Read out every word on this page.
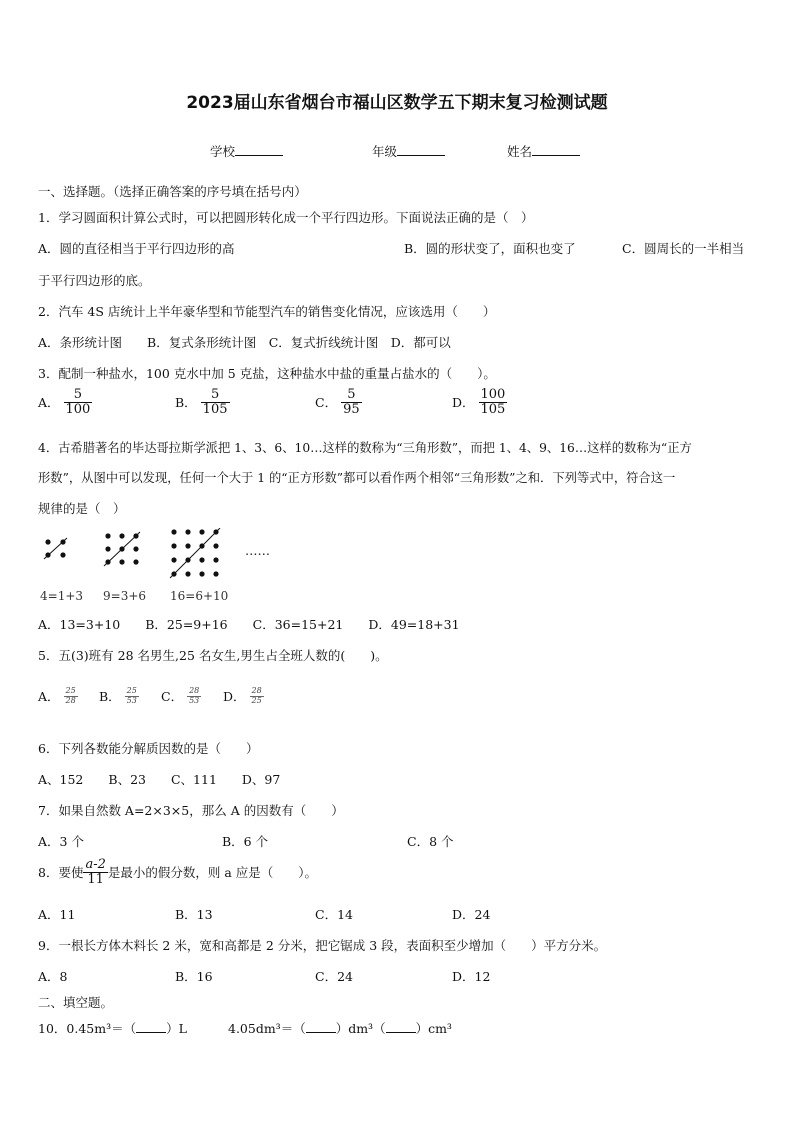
2023届山东省烟台市福山区数学五下期末复习检测试题
学校	年级	姓名
一、选择题。（选择正确答案的序号填在括号内）
1．学习圆面积计算公式时，可以把圆形转化成一个平行四边形。下面说法正确的是（　）
A．圆的直径相当于平行四边形的高	B．圆的形状变了，面积也变了	C．圆周长的一半相当
于平行四边形的底。
2．汽车 4S 店统计上半年豪华型和节能型汽车的销售变化情况，应该选用（　　）
A．条形统计图　　B．复式条形统计图　C．复式折线统计图　D．都可以
3．配制一种盐水，100 克水中加 5 克盐，这种盐水中盐的重量占盐水的（　　）。
A． $\frac{5}{100}$	B． $\frac{5}{105}$	C． $\frac{5}{95}$	D． $\frac{100}{105}$
4．古希腊著名的毕达哥拉斯学派把 1、3、6、10…这样的数称为“三角形数”，而把 1、4、9、16…这样的数称为“正方
形数”，从图中可以发现，任何一个大于 1 的“正方形数”都可以看作两个相邻“三角形数”之和．下列等式中，符合这一
规律的是（　）
……
4=1+3 9=3+6 16=6+10
A．13=3+10　　B．25=9+16　　C．36=15+21　　D．49=18+31
5．五(3)班有 28 名男生,25 名女生,男生占全班人数的(　　)。
A． $\frac{25}{28}$ B． $\frac{25}{53}$ C． $\frac{28}{53}$ D． $\frac{28}{25}$
6．下列各数能分解质因数的是（　　）
A、152　　B、23　　C、111　　D、97
7．如果自然数 A=2×3×5，那么 A 的因数有（　　）
A．3 个	B．6 个	C．8 个
8．要使 $\frac{a-2}{11}$ 是最小的假分数，则 a 应是（　　）。
A．11	B．13	C．14	D．24
9．一根长方体木料长 2 米，宽和高都是 2 分米，把它锯成 3 段，表面积至少增加（　　）平方分米。
A．8	B．16	C．24	D．12
二、填空题。
10．0.45m³＝（ ）L	4.05dm³＝（ ）dm³（ ）cm³
